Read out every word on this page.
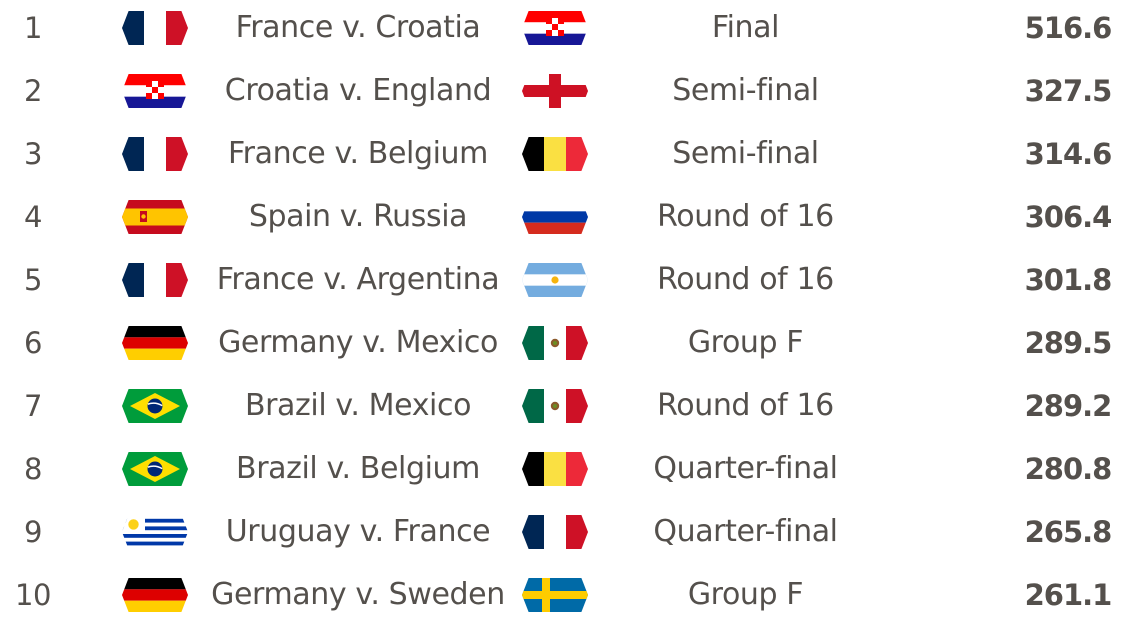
1	France v. Croatia	Final	516.6
2	Croatia v. England	Semi-final	327.5
3	France v. Belgium	Semi-final	314.6
4	Spain v. Russia	Round of 16	306.4
5	France v. Argentina	Round of 16	301.8
6	Germany v. Mexico	Group F	289.5
7	Brazil v. Mexico	Round of 16	289.2
8	Brazil v. Belgium	Quarter-final	280.8
9	Uruguay v. France	Quarter-final	265.8
10	Germany v. Sweden	Group F	261.1
